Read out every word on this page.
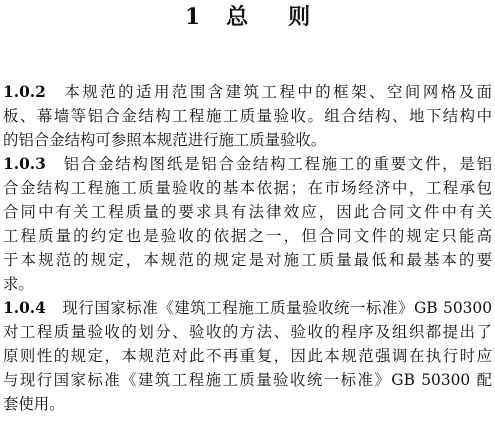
1 总 则
1.0.2 本规范的适用范围含建筑工程中的框架、空间网格及面
板、幕墙等铝合金结构工程施工质量验收。组合结构、地下结构中
的铝合金结构可参照本规范进行施工质量验收。
1.0.3 铝合金结构图纸是铝合金结构工程施工的重要文件，是铝
合金结构工程施工质量验收的基本依据；在市场经济中，工程承包
合同中有关工程质量的要求具有法律效应，因此合同文件中有关
工程质量的约定也是验收的依据之一，但合同文件的规定只能高
于本规范的规定，本规范的规定是对施工质量最低和最基本的要
求。
1.0.4 现行国家标准《建筑工程施工质量验收统一标准》GB 50300
对工程质量验收的划分、验收的方法、验收的程序及组织都提出了
原则性的规定，本规范对此不再重复，因此本规范强调在执行时应
与现行国家标准《建筑工程施工质量验收统一标准》GB 50300 配
套使用。
